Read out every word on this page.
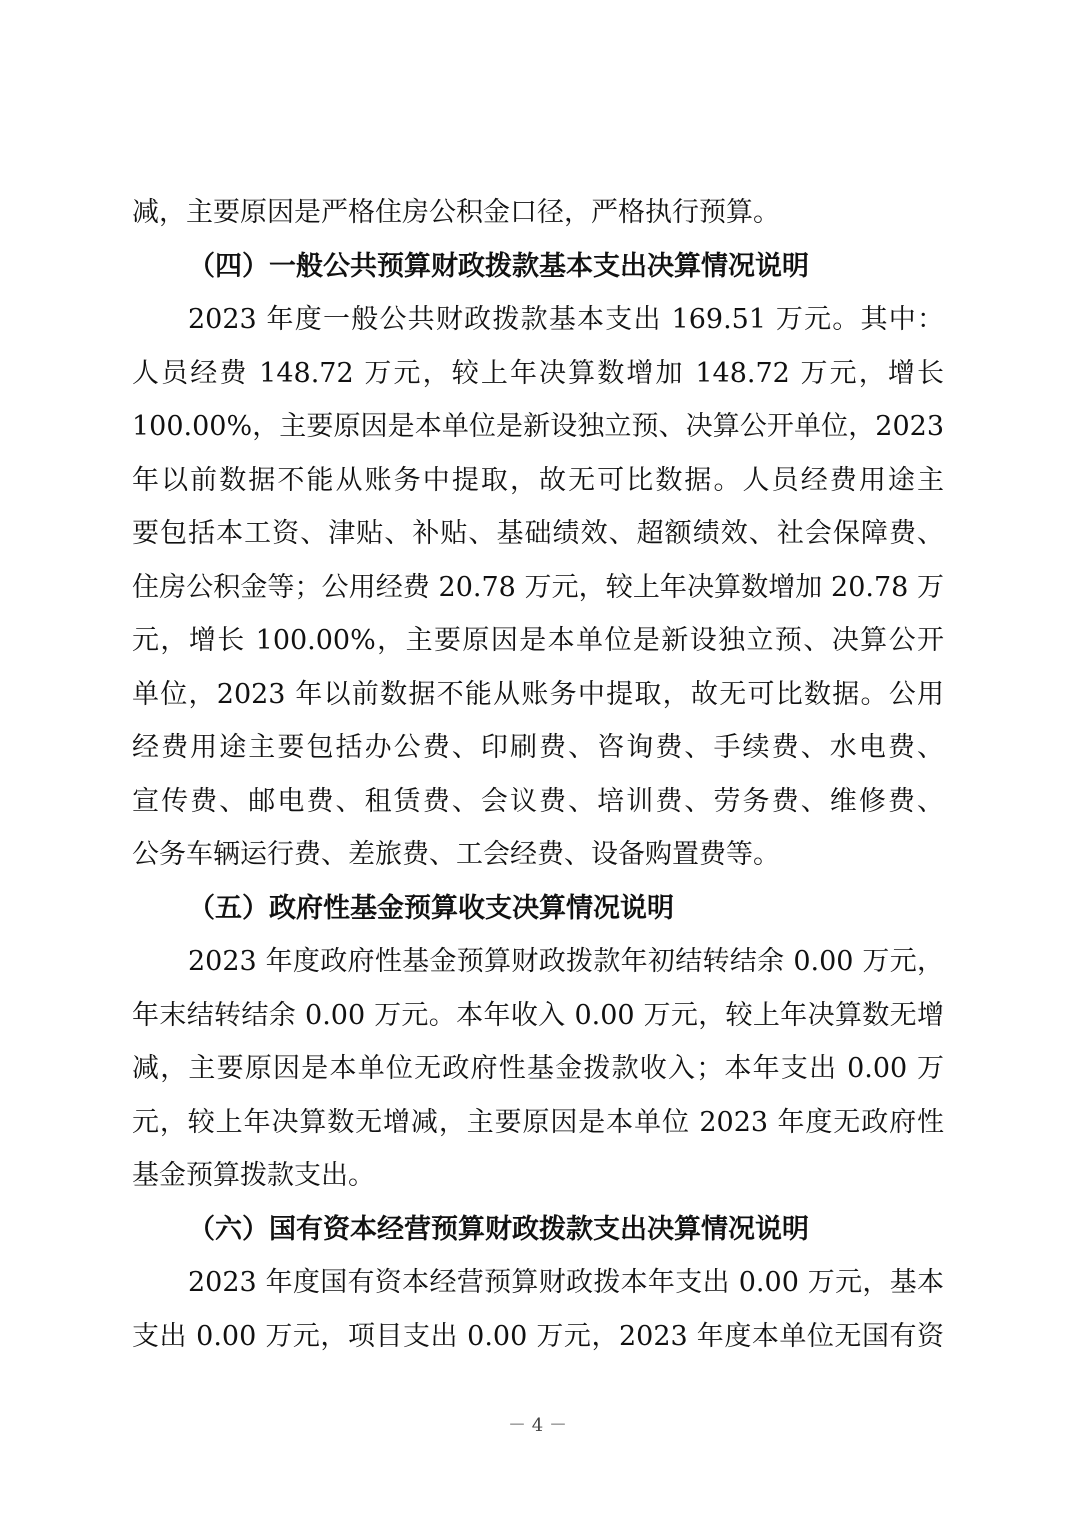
减，主要原因是严格住房公积金口径，严格执行预算。
（四）一般公共预算财政拨款基本支出决算情况说明
2023 年度一般公共财政拨款基本支出 169.51 万元。其中：
人员经费 148.72 万元，较上年决算数增加 148.72 万元，增长
100.00%，主要原因是本单位是新设独立预、决算公开单位，2023
年以前数据不能从账务中提取，故无可比数据。人员经费用途主
要包括本工资、津贴、补贴、基础绩效、超额绩效、社会保障费、
住房公积金等；公用经费 20.78 万元，较上年决算数增加 20.78 万
元，增长 100.00%，主要原因是本单位是新设独立预、决算公开
单位，2023 年以前数据不能从账务中提取，故无可比数据。公用
经费用途主要包括办公费、印刷费、咨询费、手续费、水电费、
宣传费、邮电费、租赁费、会议费、培训费、劳务费、维修费、
公务车辆运行费、差旅费、工会经费、设备购置费等。
（五）政府性基金预算收支决算情况说明
2023 年度政府性基金预算财政拨款年初结转结余 0.00 万元，
年末结转结余 0.00 万元。本年收入 0.00 万元，较上年决算数无增
减，主要原因是本单位无政府性基金拨款收入；本年支出 0.00 万
元，较上年决算数无增减，主要原因是本单位 2023 年度无政府性
基金预算拨款支出。
（六）国有资本经营预算财政拨款支出决算情况说明
2023 年度国有资本经营预算财政拨本年支出 0.00 万元，基本
支出 0.00 万元，项目支出 0.00 万元，2023 年度本单位无国有资
－ 4 －
